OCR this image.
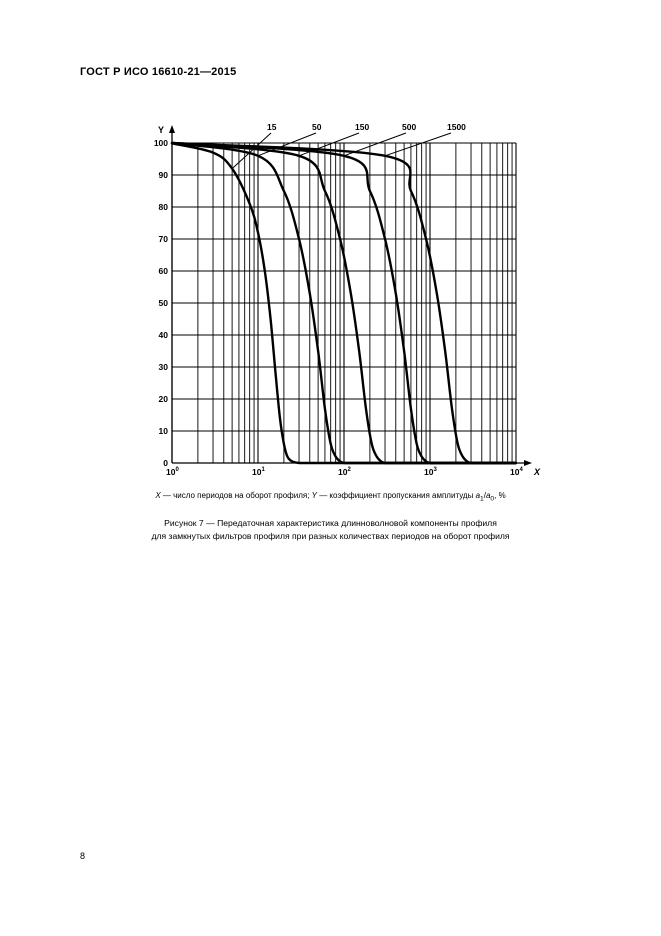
ГОСТ Р ИСО 16610-21—2015
0
10
20
30
40
50
60
70
80
90
100
Y
X
$10^0$	$10^1$	$10^2$	$10^3$	$10^4$
15	50	150	500	1500
X — число периодов на оборот профиля; Y — коэффициент пропускания амплитуды $a_1/a_0$, %
Рисунок 7 — Передаточная характеристика длинноволновой компоненты профиля
для замкнутых фильтров профиля при разных количествах периодов на оборот профиля
8
